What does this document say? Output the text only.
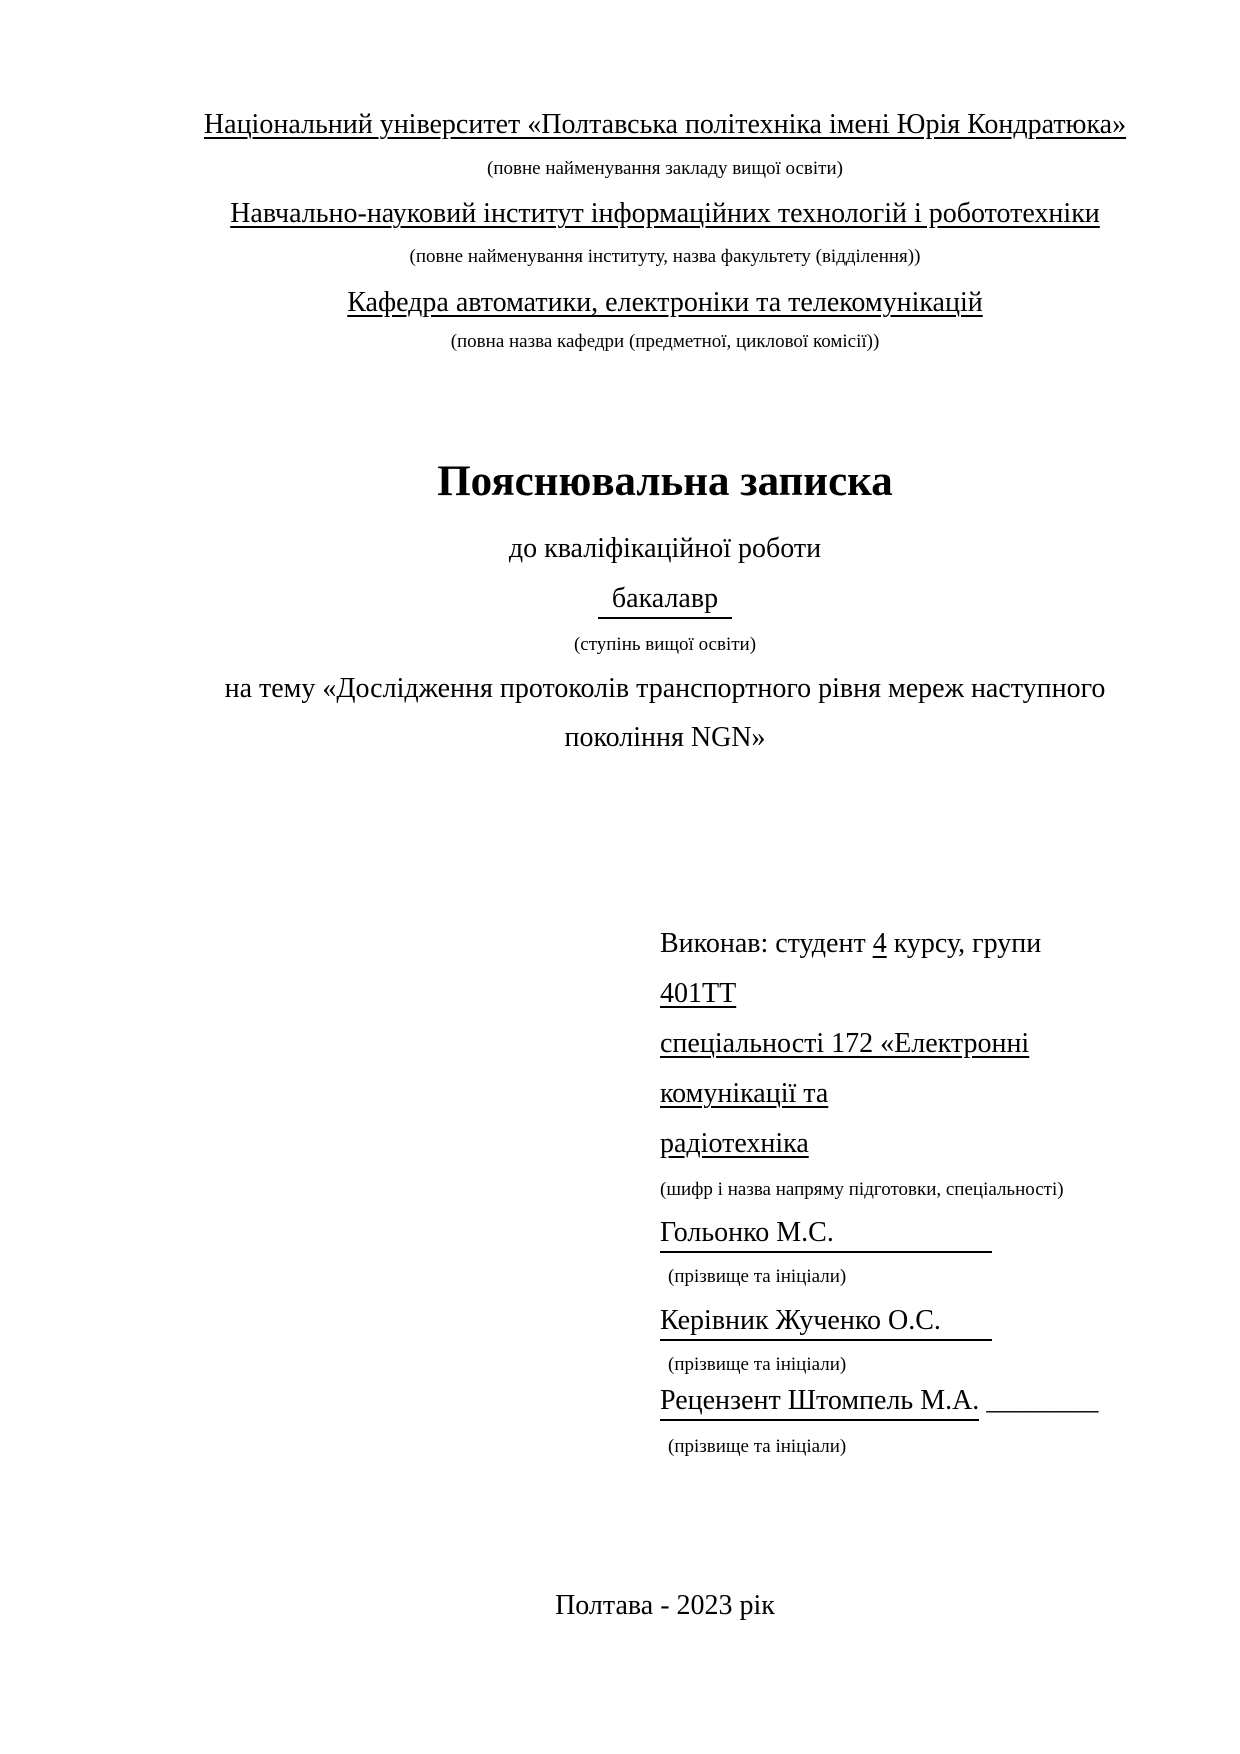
Національний університет «Полтавська політехніка імені Юрія Кондратюка»
(повне найменування закладу вищої освіти)
Навчально-науковий інститут інформаційних технологій і робототехніки
(повне найменування інституту, назва факультету (відділення))
Кафедра автоматики, електроніки та телекомунікацій
(повна назва кафедри (предметної, циклової комісії))
Пояснювальна записка
до кваліфікаційної роботи
бакалавр
(ступінь вищої освіти)
на тему «Дослідження протоколів транспортного рівня мереж наступного
покоління NGN»
Виконав: студент 4 курсу, групи
401ТТ
спеціальності 172 «Електронні
комунікації та
радіотехніка
(шифр і назва напряму підготовки, спеціальності)
Гольонко М.С.
(прізвище та ініціали)
Керівник Жученко О.С.
(прізвище та ініціали)
Рецензент Штомпель М.А. ________
(прізвище та ініціали)
Полтава - 2023 рік
